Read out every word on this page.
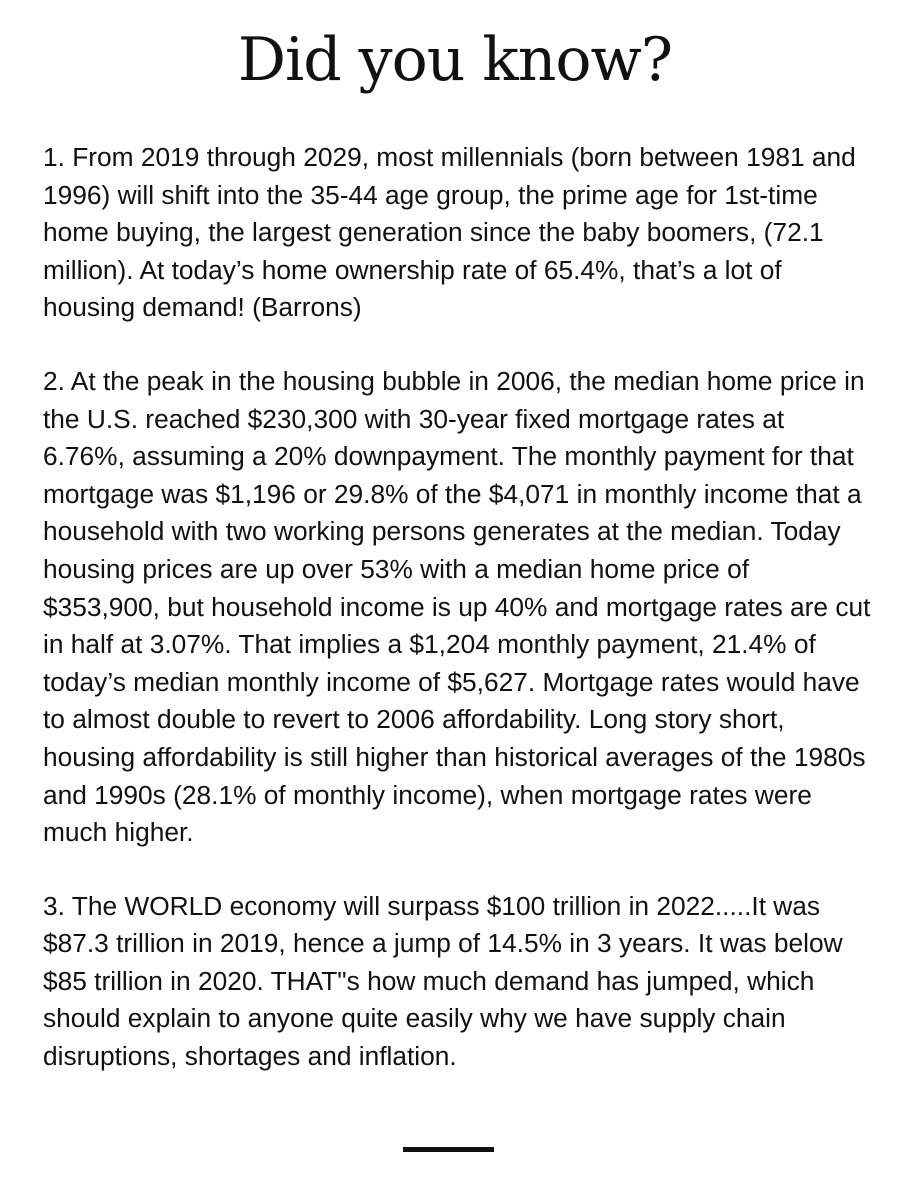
Did you know?

1. From 2019 through 2029, most millennials (born between 1981 and 1996) will shift into the 35-44 age group, the prime age for 1st-time home buying, the largest generation since the baby boomers, (72.1 million). At today’s home ownership rate of 65.4%, that’s a lot of housing demand! (Barrons)

2. At the peak in the housing bubble in 2006, the median home price in the U.S. reached $230,300 with 30-year fixed mortgage rates at 6.76%, assuming a 20% downpayment. The monthly payment for that mortgage was $1,196 or 29.8% of the $4,071 in monthly income that a household with two working persons generates at the median. Today housing prices are up over 53% with a median home price of $353,900, but household income is up 40% and mortgage rates are cut in half at 3.07%. That implies a $1,204 monthly payment, 21.4% of today’s median monthly income of $5,627. Mortgage rates would have to almost double to revert to 2006 affordability. Long story short, housing affordability is still higher than historical averages of the 1980s and 1990s (28.1% of monthly income), when mortgage rates were much higher.

3. The WORLD economy will surpass $100 trillion in 2022.....It was $87.3 trillion in 2019, hence a jump of 14.5% in 3 years. It was below $85 trillion in 2020. THAT"s how much demand has jumped, which should explain to anyone quite easily why we have supply chain disruptions, shortages and inflation.
